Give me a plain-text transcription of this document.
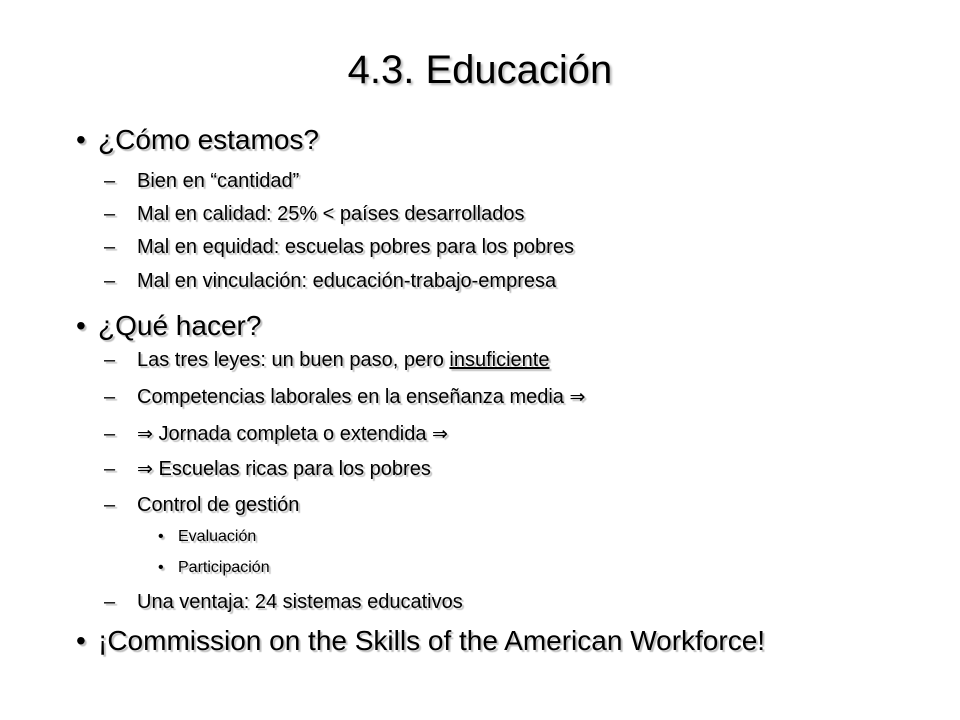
4.3. Educación
• ¿Cómo estamos?
– Bien en “cantidad”
– Mal en calidad: 25% < países desarrollados
– Mal en equidad: escuelas pobres para los pobres
– Mal en vinculación: educación-trabajo-empresa
• ¿Qué hacer?
– Las tres leyes: un buen paso, pero insuficiente
– Competencias laborales en la enseñanza media ⇒
– ⇒ Jornada completa o extendida ⇒
– ⇒ Escuelas ricas para los pobres
– Control de gestión
• Evaluación
• Participación
– Una ventaja: 24 sistemas educativos
• ¡Commission on the Skills of the American Workforce!
